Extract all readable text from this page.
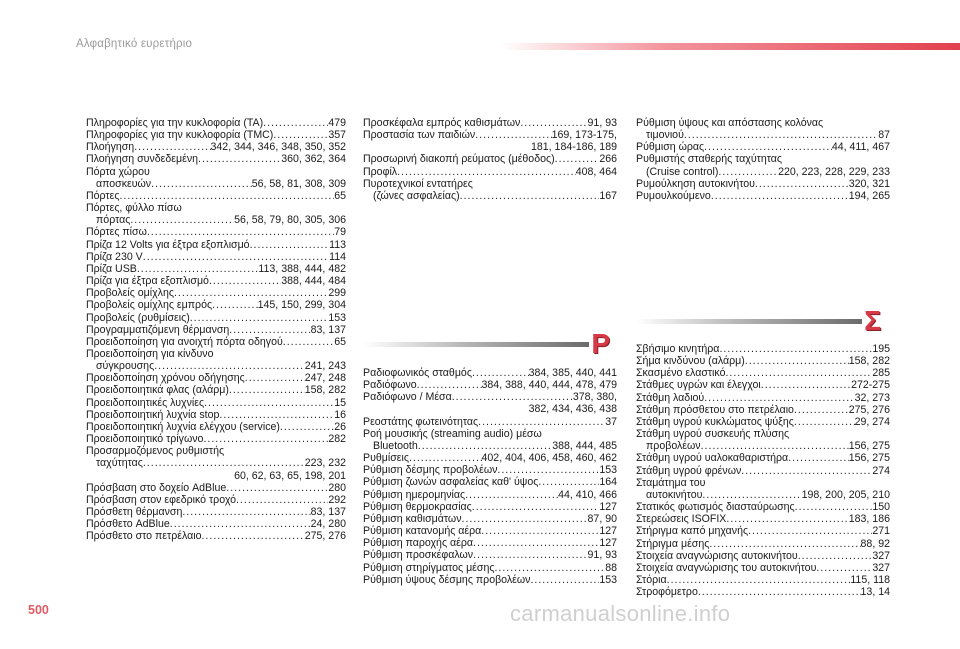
Αλφαβητικό ευρετήριο
Πληροφορίες για την κυκλοφορία (TA) .....	479
Πληροφορίες για την κυκλοφορία (TMC) .....	357
Πλοήγηση .....	342, 344, 346, 348, 350, 352
Πλοήγηση συνδεδεμένη .....	360, 362, 364
Πόρτα χώρου
αποσκευών .....	56, 58, 81, 308, 309
Πόρτες .....	65
Πόρτες, φύλλο πίσω
πόρτας .....	56, 58, 79, 80, 305, 306
Πόρτες πίσω .....	79
Πρίζα 12 Volts για έξτρα εξοπλισμό .....	113
Πρίζα 230 V .....	114
Πρίζα USB .....	113, 388, 444, 482
Πρίζα για έξτρα εξοπλισμό .....	388, 444, 484
Προβολείς ομίχλης .....	299
Προβολείς ομίχλης εμπρός .....	145, 150, 299, 304
Προβολείς (ρυθμίσεις) .....	153
Προγραμματιζόμενη θέρμανση .....	83, 137
Προειδοποίηση για ανοιχτή πόρτα οδηγού .....	65
Προειδοποίηση για κίνδυνο
σύγκρουσης .....	241, 243
Προειδοποίηση χρόνου οδήγησης .....	247, 248
Προειδοποιητικά φλας (αλάρμ) .....	158, 282
Προειδοποιητικές λυχνίες .....	15
Προειδοποιητική λυχνία stop .....	16
Προειδοποιητική λυχνία ελέγχου (service) .....	26
Προειδοποιητικό τρίγωνο .....	282
Προσαρμοζόμενος ρυθμιστής
ταχύτητας .....	223, 232
60, 62, 63, 65, 198, 201
Πρόσβαση στο δοχείο AdBlue .....	280
Πρόσβαση στον εφεδρικό τροχό .....	292
Πρόσθετη θέρμανση .....	83, 137
Πρόσθετο AdBlue .....	24, 280
Πρόσθετο στο πετρέλαιο .....	275, 276
Προσκέφαλα εμπρός καθισμάτων .....	91, 93
Προστασία των παιδιών .....	169, 173-175,
181, 184-186, 189
Προσωρινή διακοπή ρεύματος (μέθοδος) .....	266
Προφίλ .....	408, 464
Πυροτεχνικοί εντατήρες
(ζώνες ασφαλείας) .....	167
Ρ
Ραδιοφωνικός σταθμός .....	384, 385, 440, 441
Ραδιόφωνο .....	384, 388, 440, 444, 478, 479
Ραδιόφωνο / Μέσα .....	378, 380,
382, 434, 436, 438
Ρεοστάτης φωτεινότητας .....	37
Ροή μουσικής (streaming audio) μέσω
Bluetooth .....	388, 444, 485
Ρυθμίσεις .....	402, 404, 406, 458, 460, 462
Ρύθμιση δέσμης προβολέων .....	153
Ρύθμιση ζωνών ασφαλείας καθ' ύψος .....	164
Ρύθμιση ημερομηνίας .....	44, 410, 466
Ρύθμιση θερμοκρασίας .....	127
Ρύθμιση καθισμάτων .....	87, 90
Ρύθμιση κατανομής αέρα .....	127
Ρύθμιση παροχής αέρα .....	127
Ρύθμιση προσκέφαλων .....	91, 93
Ρύθμιση στηρίγματος μέσης .....	88
Ρύθμιση ύψους δέσμης προβολέων .....	153
Ρύθμιση ύψους και απόστασης κολόνας
τιμονιού .....	87
Ρύθμιση ώρας .....	44, 411, 467
Ρυθμιστής σταθερής ταχύτητας
(Cruise control) .....	220, 223, 228, 229, 233
Ρυμούλκηση αυτοκινήτου .....	320, 321
Ρυμουλκούμενο .....	194, 265
Σ
Σβήσιμο κινητήρα .....	195
Σήμα κινδύνου (αλάρμ) .....	158, 282
Σκασμένο ελαστικό .....	285
Στάθμες υγρών και έλεγχοι .....	272-275
Στάθμη λαδιού .....	32, 273
Στάθμη πρόσθετου στο πετρέλαιο .....	275, 276
Στάθμη υγρού κυκλώματος ψύξης .....	29, 274
Στάθμη υγρού συσκευής πλύσης
προβολέων .....	156, 275
Στάθμη υγρού υαλοκαθαριστήρα .....	156, 275
Στάθμη υγρού φρένων .....	274
Σταμάτημα του
αυτοκινήτου .....	198, 200, 205, 210
Στατικός φωτισμός διασταύρωσης .....	150
Στερεώσεις ISOFIX .....	183, 186
Στήριγμα καπό μηχανής .....	271
Στήριγμα μέσης .....	88, 92
Στοιχεία αναγνώρισης αυτοκινήτου .....	327
Στοιχεία αναγνώρισης του αυτοκινήτου .....	327
Στόρια .....	115, 118
Στροφόμετρο .....	13, 14
500	carmanualsonline.info
